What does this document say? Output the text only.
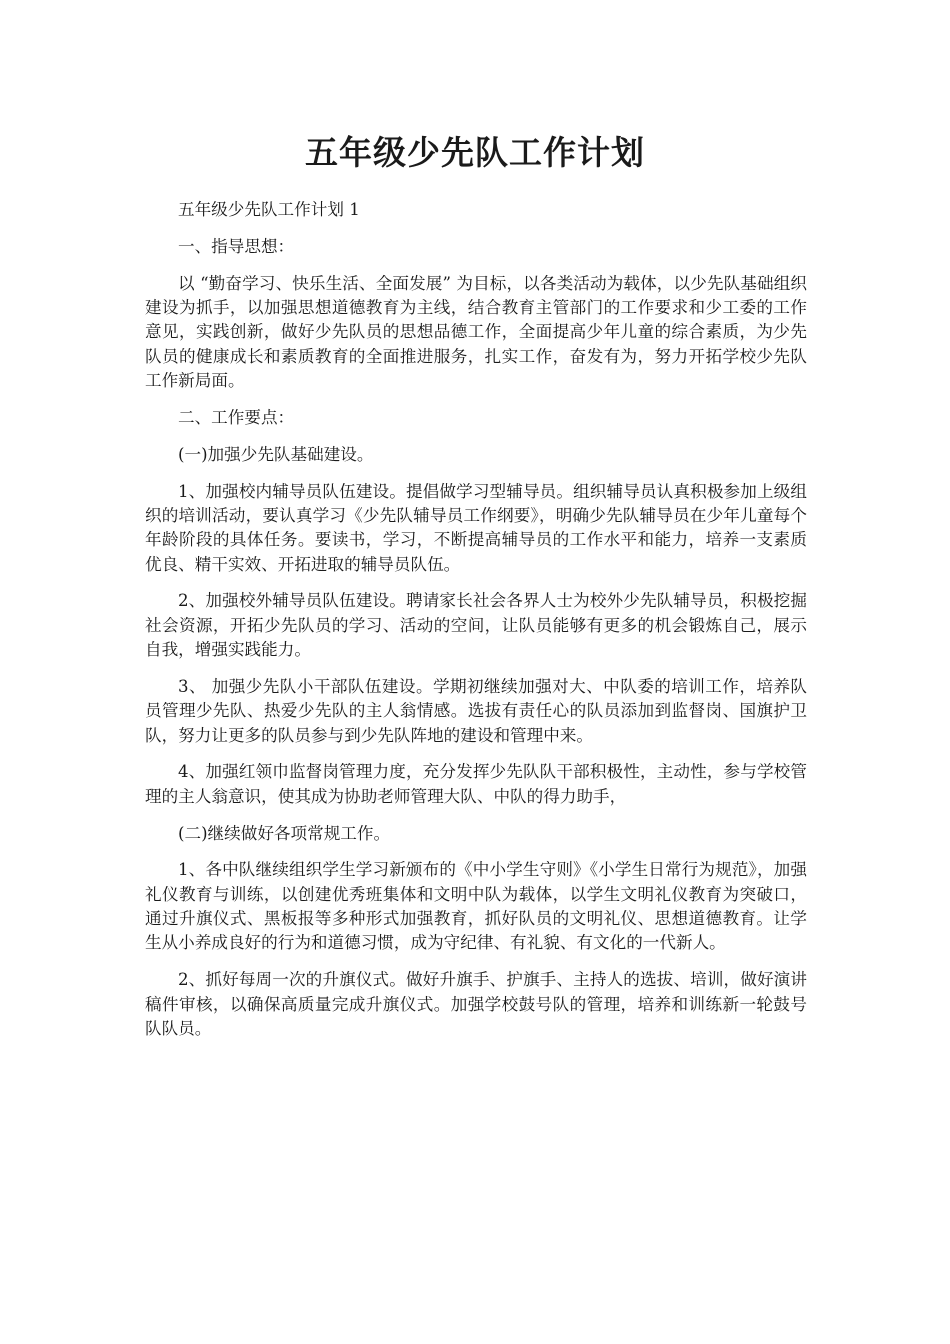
五年级少先队工作计划

五年级少先队工作计划 1

一、指导思想：

以 “勤奋学习、快乐生活、全面发展” 为目标，以各类活动为载体，以少先队基础组织建设为抓手，以加强思想道德教育为主线，结合教育主管部门的工作要求和少工委的工作意见，实践创新，做好少先队员的思想品德工作，全面提高少年儿童的综合素质，为少先队员的健康成长和素质教育的全面推进服务，扎实工作，奋发有为，努力开拓学校少先队工作新局面。

二、工作要点：

(一)加强少先队基础建设。

1、加强校内辅导员队伍建设。提倡做学习型辅导员。组织辅导员认真积极参加上级组织的培训活动，要认真学习《少先队辅导员工作纲要》，明确少先队辅导员在少年儿童每个年龄阶段的具体任务。要读书，学习，不断提高辅导员的工作水平和能力，培养一支素质优良、精干实效、开拓进取的辅导员队伍。

2、加强校外辅导员队伍建设。聘请家长社会各界人士为校外少先队辅导员，积极挖掘社会资源，开拓少先队员的学习、活动的空间，让队员能够有更多的机会锻炼自己，展示自我，增强实践能力。

3、 加强少先队小干部队伍建设。学期初继续加强对大、中队委的培训工作，培养队员管理少先队、热爱少先队的主人翁情感。选拔有责任心的队员添加到监督岗、国旗护卫队，努力让更多的队员参与到少先队阵地的建设和管理中来。

4、加强红领巾监督岗管理力度，充分发挥少先队队干部积极性，主动性，参与学校管理的主人翁意识，使其成为协助老师管理大队、中队的得力助手，

(二)继续做好各项常规工作。

1、各中队继续组织学生学习新颁布的《中小学生守则》《小学生日常行为规范》，加强礼仪教育与训练，以创建优秀班集体和文明中队为载体，以学生文明礼仪教育为突破口，通过升旗仪式、黑板报等多种形式加强教育，抓好队员的文明礼仪、思想道德教育。让学生从小养成良好的行为和道德习惯，成为守纪律、有礼貌、有文化的一代新人。

2、抓好每周一次的升旗仪式。做好升旗手、护旗手、主持人的选拔、培训，做好演讲稿件审核，以确保高质量完成升旗仪式。加强学校鼓号队的管理，培养和训练新一轮鼓号队队员。
